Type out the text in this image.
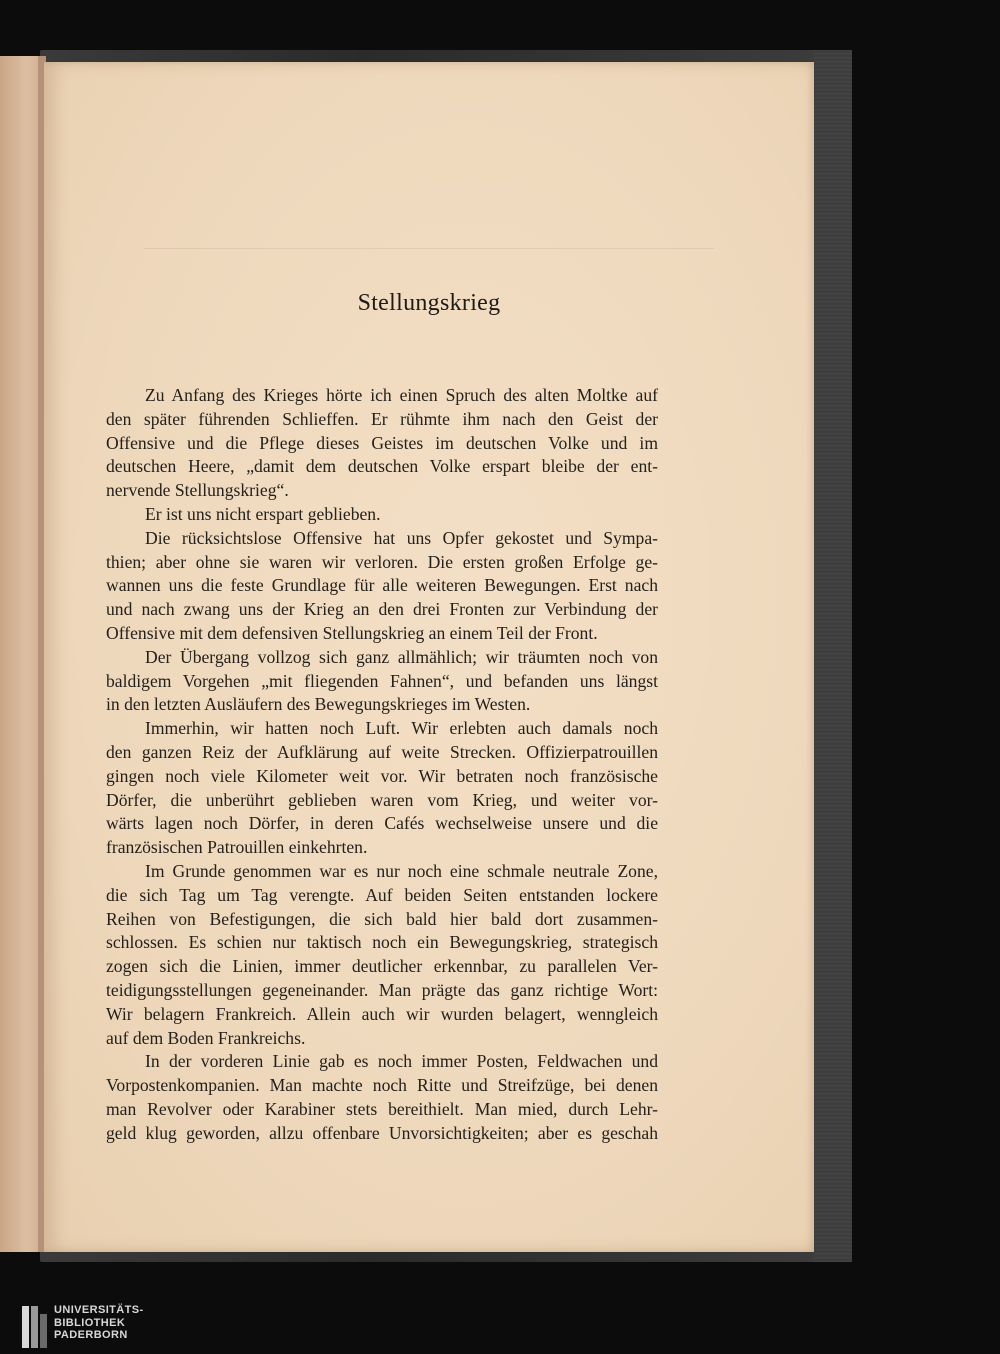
Stellungskrieg

Zu Anfang des Krieges hörte ich einen Spruch des alten Moltke auf
den später führenden Schlieffen. Er rühmte ihm nach den Geist der
Offensive und die Pflege dieses Geistes im deutschen Volke und im
deutschen Heere, „damit dem deutschen Volke erspart bleibe der ent-
nervende Stellungskrieg“.

Er ist uns nicht erspart geblieben.

Die rücksichtslose Offensive hat uns Opfer gekostet und Sympa-
thien; aber ohne sie waren wir verloren. Die ersten großen Erfolge ge-
wannen uns die feste Grundlage für alle weiteren Bewegungen. Erst nach
und nach zwang uns der Krieg an den drei Fronten zur Verbindung der
Offensive mit dem defensiven Stellungskrieg an einem Teil der Front.

Der Übergang vollzog sich ganz allmählich; wir träumten noch von
baldigem Vorgehen „mit fliegenden Fahnen“, und befanden uns längst
in den letzten Ausläufern des Bewegungskrieges im Westen.

Immerhin, wir hatten noch Luft. Wir erlebten auch damals noch
den ganzen Reiz der Aufklärung auf weite Strecken. Offizierpatrouillen
gingen noch viele Kilometer weit vor. Wir betraten noch französische
Dörfer, die unberührt geblieben waren vom Krieg, und weiter vor-
wärts lagen noch Dörfer, in deren Cafés wechselweise unsere und die
französischen Patrouillen einkehrten.

Im Grunde genommen war es nur noch eine schmale neutrale Zone,
die sich Tag um Tag verengte. Auf beiden Seiten entstanden lockere
Reihen von Befestigungen, die sich bald hier bald dort zusammen-
schlossen. Es schien nur taktisch noch ein Bewegungskrieg, strategisch
zogen sich die Linien, immer deutlicher erkennbar, zu parallelen Ver-
teidigungsstellungen gegeneinander. Man prägte das ganz richtige Wort:
Wir belagern Frankreich. Allein auch wir wurden belagert, wenngleich
auf dem Boden Frankreichs.

In der vorderen Linie gab es noch immer Posten, Feldwachen und
Vorpostenkompanien. Man machte noch Ritte und Streifzüge, bei denen
man Revolver oder Karabiner stets bereithielt. Man mied, durch Lehr-
geld klug geworden, allzu offenbare Unvorsichtigkeiten; aber es geschah

UNIVERSITÄTS-
BIBLIOTHEK
PADERBORN
